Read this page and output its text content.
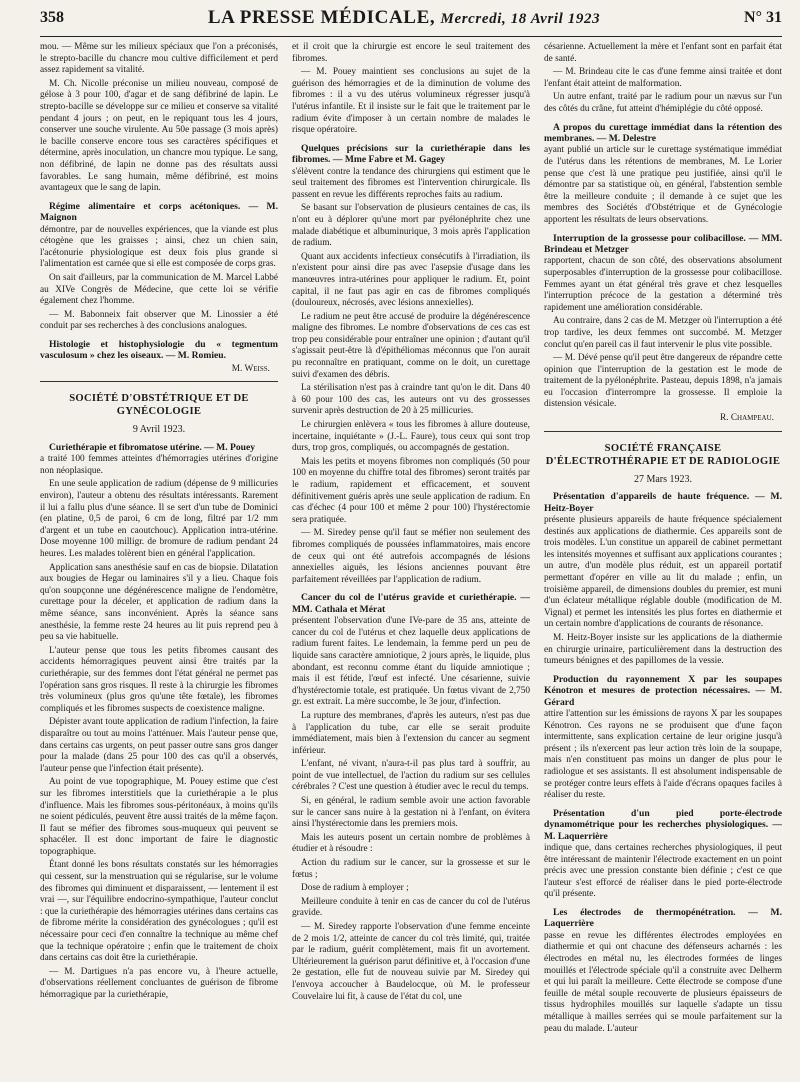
358	LA PRESSE MÉDICALE, Mercredi, 18 Avril 1923	N° 31

mou. — Même sur les milieux spéciaux que l'on a préconisés, le strepto-bacille du chancre mou cultive difficilement et perd assez rapidement sa vitalité.

M. Ch. Nicolle préconise un milieu nouveau, composé de gélose à 3 pour 100, d'agar et de sang défibriné de lapin. Le strepto-bacille se développe sur ce milieu et conserve sa vitalité pendant 4 jours ; on peut, en le repiquant tous les 4 jours, conserver une souche virulente. Au 50e passage (3 mois après) le bacille conserve encore tous ses caractères spécifiques et détermine, après inoculation, un chancre mou typique. Le sang, non défibriné, de lapin ne donne pas des résultats aussi favorables. Le sang humain, même défibriné, est moins avantageux que le sang de lapin.

Régime alimentaire et corps acétoniques. — M. Maignon

démontre, par de nouvelles expériences, que la viande est plus cétogène que les graisses ; ainsi, chez un chien sain, l'acétonurie physiologique est deux fois plus grande si l'alimentation est carnée que si elle est composée de corps gras.

On sait d'ailleurs, par la communication de M. Marcel Labbé au XIVe Congrès de Médecine, que cette loi se vérifie également chez l'homme.

— M. Babonneix fait observer que M. Linossier a été conduit par ses recherches à des conclusions analogues.

Histologie et histophysiologie du « tegmentum vasculosum » chez les oiseaux. — M. Romieu.

M. Weiss.

SOCIÉTÉ D'OBSTÉTRIQUE ET DE GYNÉCOLOGIE
9 Avril 1923.
Curiethérapie et fibromatose utérine. — M. Pouey

a traité 100 femmes atteintes d'hémorragies utérines d'origine non néoplasique.

En une seule application de radium (dépense de 9 millicuries environ), l'auteur a obtenu des résultats intéressants. Rarement il lui a fallu plus d'une séance. Il se sert d'un tube de Dominici (en platine, 0,5 de paroi, 6 cm de long, filtré par 1/2 mm d'argent et un tube en caoutchouc). Application intra-utérine. Dose moyenne 100 milligr. de bromure de radium pendant 24 heures. Les malades tolèrent bien en général l'application.

Application sans anesthésie sauf en cas de biopsie. Dilatation aux bougies de Hegar ou laminaires s'il y a lieu. Chaque fois qu'on soupçonne une dégénérescence maligne de l'endomètre, curettage pour la déceler, et application de radium dans la même séance, sans inconvénient. Après la séance sans anesthésie, la femme reste 24 heures au lit puis reprend peu à peu sa vie habituelle.

L'auteur pense que tous les petits fibromes causant des accidents hémorragiques peuvent ainsi être traités par la curiethérapie, sur des femmes dont l'état général ne permet pas l'opération sans gros risques. Il reste à la chirurgie les fibromes très volumineux (plus gros qu'une tête fœtale), les fibromes compliqués et les fibromes suspects de coexistence maligne.

Dépister avant toute application de radium l'infection, la faire disparaître ou tout au moins l'atténuer. Mais l'auteur pense que, dans certains cas urgents, on peut passer outre sans gros danger pour la malade (dans 25 pour 100 des cas qu'il a observés, l'auteur pense que l'infection était présente).

Au point de vue topographique, M. Pouey estime que c'est sur les fibromes interstitiels que la curiethérapie a le plus d'influence. Mais les fibromes sous-péritonéaux, à moins qu'ils ne soient pédiculés, peuvent être aussi traités de la même façon. Il faut se méfier des fibromes sous-muqueux qui peuvent se sphacéler. Il est donc important de faire le diagnostic topographique.

Étant donné les bons résultats constatés sur les hémorragies qui cessent, sur la menstruation qui se régularise, sur le volume des fibromes qui diminuent et disparaissent, — lentement il est vrai —, sur l'équilibre endocrino-sympathique, l'auteur conclut : que la curiethérapie des hémorragies utérines dans certains cas de fibrome mérite la considération des gynécologues ; qu'il est nécessaire pour ceci d'en connaître la technique au même chef que la technique opératoire ; enfin que le traitement de choix dans certains cas doit être la curiethérapie.

— M. Dartigues n'a pas encore vu, à l'heure actuelle, d'observations réellement concluantes de guérison de fibrome hémorragique par la curiethérapie,

et il croit que la chirurgie est encore le seul traitement des fibromes.

— M. Pouey maintient ses conclusions au sujet de la guérison des hémorragies et de la diminution de volume des fibromes : il a vu des utérus volumineux régresser jusqu'à l'utérus infantile. Et il insiste sur le fait que le traitement par le radium évite d'imposer à un certain nombre de malades le risque opératoire.

Quelques précisions sur la curiethérapie dans les fibromes. — Mme Fabre et M. Gagey

s'élèvent contre la tendance des chirurgiens qui estiment que le seul traitement des fibromes est l'intervention chirurgicale. Ils passent en revue les différents reproches faits au radium.

Se basant sur l'observation de plusieurs centaines de cas, ils n'ont eu à déplorer qu'une mort par pyélonéphrite chez une malade diabétique et albuminurique, 3 mois après l'application de radium.

Quant aux accidents infectieux consécutifs à l'irradiation, ils n'existent pour ainsi dire pas avec l'asepsie d'usage dans les manœuvres intra-utérines pour appliquer le radium. Et, point capital, il ne faut pas agir en cas de fibromes compliqués (douloureux, nécrosés, avec lésions annexielles).

Le radium ne peut être accusé de produire la dégénérescence maligne des fibromes. Le nombre d'observations de ces cas est trop peu considérable pour entraîner une opinion ; d'autant qu'il s'agissait peut-être là d'épithéliomas méconnus que l'on aurait pu reconnaître en pratiquant, comme on le doit, un curettage suivi d'examen des débris.

La stérilisation n'est pas à craindre tant qu'on le dit. Dans 40 à 60 pour 100 des cas, les auteurs ont vu des grossesses survenir après destruction de 20 à 25 millicuries.

Le chirurgien enlèvera « tous les fibromes à allure douteuse, incertaine, inquiétante » (J.-L. Faure), tous ceux qui sont trop durs, trop gros, compliqués, ou accompagnés de gestation.

Mais les petits et moyens fibromes non compliqués (50 pour 100 en moyenne du chiffre total des fibromes) seront traités par le radium, rapidement et efficacement, et souvent définitivement guéris après une seule application de radium. En cas d'échec (4 pour 100 et même 2 pour 100) l'hystérectomie sera pratiquée.

— M. Siredey pense qu'il faut se méfier non seulement des fibromes compliqués de poussées inflammatoires, mais encore de ceux qui ont été autrefois accompagnés de lésions annexielles aiguës, les lésions anciennes pouvant être parfaitement réveillées par l'application de radium.

Cancer du col de l'utérus gravide et curiethérapie. — MM. Cathala et Mérat

présentent l'observation d'une IVe-pare de 35 ans, atteinte de cancer du col de l'utérus et chez laquelle deux applications de radium furent faites. Le lendemain, la femme perd un peu de liquide sans caractère amniotique, 2 jours après, le liquide, plus abondant, est reconnu comme étant du liquide amniotique ; mais il est fétide, l'œuf est infecté. Une césarienne, suivie d'hystérectomie totale, est pratiquée. Un fœtus vivant de 2,750 gr. est extrait. La mère succombe, le 3e jour, d'infection.

La rupture des membranes, d'après les auteurs, n'est pas due à l'application du tube, car elle se serait produite immédiatement, mais bien à l'extension du cancer au segment inférieur.

L'enfant, né vivant, n'aura-t-il pas plus tard à souffrir, au point de vue intellectuel, de l'action du radium sur ses cellules cérébrales ? C'est une question à étudier avec le recul du temps.

Si, en général, le radium semble avoir une action favorable sur le cancer sans nuire à la gestation ni à l'enfant, on évitera ainsi l'hystérectomie dans les premiers mois.

Mais les auteurs posent un certain nombre de problèmes à étudier et à résoudre :

Action du radium sur le cancer, sur la grossesse et sur le fœtus ;

Dose de radium à employer ;

Meilleure conduite à tenir en cas de cancer du col de l'utérus gravide.

— M. Siredey rapporte l'observation d'une femme enceinte de 2 mois 1/2, atteinte de cancer du col très limité, qui, traitée par le radium, guérit complètement, mais fit un avortement. Ultérieurement la guérison parut définitive et, à l'occasion d'une 2e gestation, elle fut de nouveau suivie par M. Siredey qui l'envoya accoucher à Baudelocque, où M. le professeur Couvelaire lui fit, à cause de l'état du col, une

césarienne. Actuellement la mère et l'enfant sont en parfait état de santé.

— M. Brindeau cite le cas d'une femme ainsi traitée et dont l'enfant était atteint de malformation.

Un autre enfant, traité par le radium pour un nævus sur l'un des côtés du crâne, fut atteint d'hémiplégie du côté opposé.

A propos du curettage immédiat dans la rétention des membranes. — M. Delestre

ayant publié un article sur le curettage systématique immédiat de l'utérus dans les rétentions de membranes, M. Le Lorier pense que c'est là une pratique peu justifiée, ainsi qu'il le démontre par sa statistique où, en général, l'abstention semble être la meilleure conduite ; il demande à ce sujet que les membres des Sociétés d'Obstétrique et de Gynécologie apportent les résultats de leurs observations.

Interruption de la grossesse pour colibacillose. — MM. Brindeau et Metzger

rapportent, chacun de son côté, des observations absolument superposables d'interruption de la grossesse pour colibacillose. Femmes ayant un état général très grave et chez lesquelles l'interruption précoce de la gestation a déterminé très rapidement une amélioration considérable.

Au contraire, dans 2 cas de M. Metzger où l'interruption a été trop tardive, les deux femmes ont succombé. M. Metzger conclut qu'en pareil cas il faut intervenir le plus vite possible.

— M. Dévé pense qu'il peut être dangereux de répandre cette opinion que l'interruption de la gestation est le mode de traitement de la pyélonéphrite. Pasteau, depuis 1898, n'a jamais eu l'occasion d'interrompre la grossesse. Il emploie la distension vésicale.

R. Champeau.

SOCIÉTÉ FRANÇAISE
D'ÉLECTROTHÉRAPIE ET DE RADIOLOGIE
27 Mars 1923.
Présentation d'appareils de haute fréquence. — M. Heitz-Boyer

présente plusieurs appareils de haute fréquence spécialement destinés aux applications de diathermie. Ces appareils sont de trois modèles. L'un constitue un appareil de cabinet permettant les intensités moyennes et suffisant aux applications courantes ; un autre, d'un modèle plus réduit, est un appareil portatif permettant d'opérer en ville au lit du malade ; enfin, un troisième appareil, de dimensions doubles du premier, est muni d'un éclateur métallique réglable double (modification de M. Vignal) et permet les intensités les plus fortes en diathermie et un certain nombre d'applications de courants de résonance.

M. Heitz-Boyer insiste sur les applications de la diathermie en chirurgie urinaire, particulièrement dans la destruction des tumeurs bénignes et des papillomes de la vessie.

Production du rayonnement X par les soupapes Kénotron et mesures de protection nécessaires. — M. Gérard

attire l'attention sur les émissions de rayons X par les soupapes Kénotron. Ces rayons ne se produisent que d'une façon intermittente, sans explication certaine de leur origine jusqu'à présent ; ils n'exercent pas leur action très loin de la soupape, mais n'en constituent pas moins un danger de plus pour le radiologue et ses assistants. Il est absolument indispensable de se protéger contre leurs effets à l'aide d'écrans opaques faciles à réaliser du reste.

Présentation d'un pied porte-électrode dynamométrique pour les recherches physiologiques. — M. Laquerrière

indique que, dans certaines recherches physiologiques, il peut être intéressant de maintenir l'électrode exactement en un point précis avec une pression constante bien définie ; c'est ce que l'auteur s'est efforcé de réaliser dans le pied porte-électrode qu'il présente.

Les électrodes de thermopénétration. — M. Laquerrière

passe en revue les différentes électrodes employées en diathermie et qui ont chacune des défenseurs acharnés : les électrodes en métal nu, les électrodes formées de linges mouillés et l'électrode spéciale qu'il a construite avec Delherm et qui lui paraît la meilleure. Cette électrode se compose d'une feuille de métal souple recouverte de plusieurs épaisseurs de tissus hydrophiles mouillés sur laquelle s'adapte un tissu métallique à mailles serrées qui se moule parfaitement sur la peau du malade. L'auteur
